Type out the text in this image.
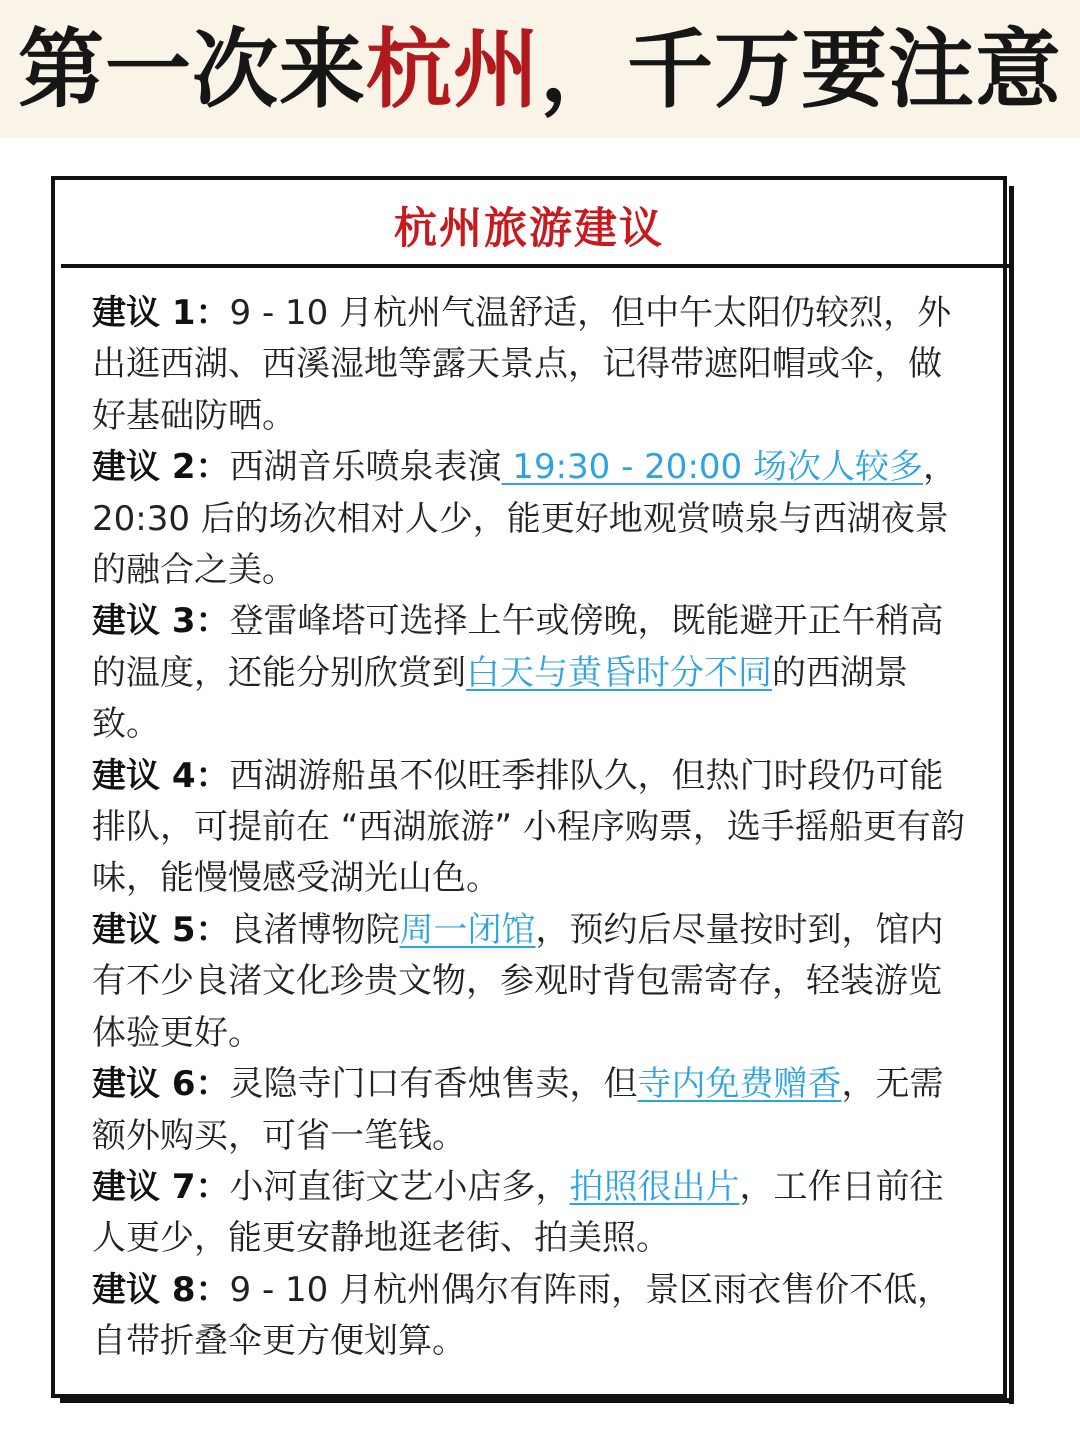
第一次来杭州，千万要注意
杭州旅游建议
建议 1：9 - 10 月杭州气温舒适，但中午太阳仍较烈，外出逛西湖、西溪湿地等露天景点，记得带遮阳帽或伞，做好基础防晒。
建议 2：西湖音乐喷泉表演 19:30 - 20:00 场次人较多，20:30 后的场次相对人少，能更好地观赏喷泉与西湖夜景的融合之美。
建议 3：登雷峰塔可选择上午或傍晚，既能避开正午稍高的温度，还能分别欣赏到白天与黄昏时分不同的西湖景致。
建议 4：西湖游船虽不似旺季排队久，但热门时段仍可能排队，可提前在 “西湖旅游” 小程序购票，选手摇船更有韵味，能慢慢感受湖光山色。
建议 5：良渚博物院周一闭馆，预约后尽量按时到，馆内有不少良渚文化珍贵文物，参观时背包需寄存，轻装游览体验更好。
建议 6：灵隐寺门口有香烛售卖，但寺内免费赠香，无需额外购买，可省一笔钱。
建议 7：小河直街文艺小店多，拍照很出片，工作日前往人更少，能更安静地逛老街、拍美照。
建议 8：9 - 10 月杭州偶尔有阵雨，景区雨衣售价不低，自带折叠伞更方便划算。
